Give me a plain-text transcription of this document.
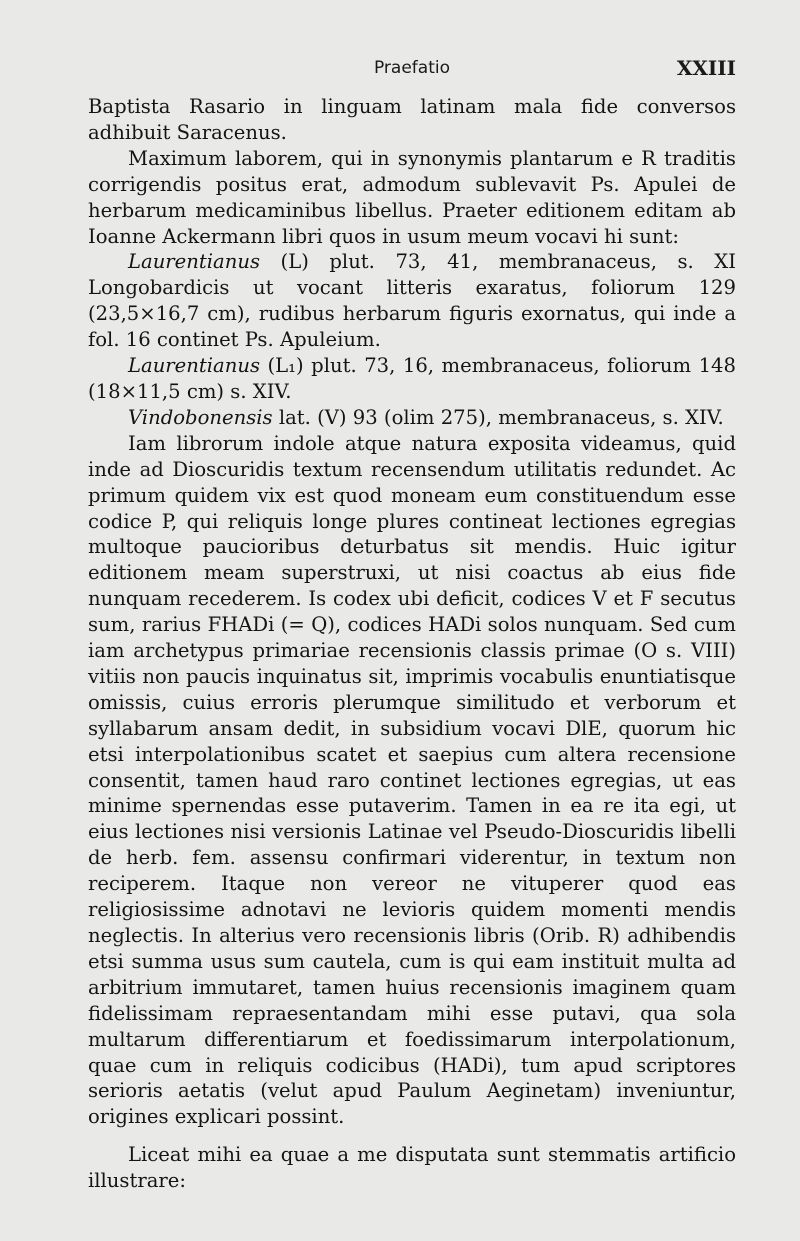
Praefatio	XXIII

Baptista Rasario in linguam latinam mala fide conversos adhibuit Saracenus.

Maximum laborem, qui in synonymis plantarum e R traditis corrigendis positus erat, admodum sublevavit Ps. Apulei de herbarum medicaminibus libellus. Praeter editionem editam ab Ioanne Ackermann libri quos in usum meum vocavi hi sunt:

Laurentianus (L) plut. 73, 41, membranaceus, s. XI Longobardicis ut vocant litteris exaratus, foliorum 129 (23,5×16,7 cm), rudibus herbarum figuris exornatus, qui inde a fol. 16 continet Ps. Apuleium.

Laurentianus (L₁) plut. 73, 16, membranaceus, foliorum 148 (18×11,5 cm) s. XIV.

Vindobonensis lat. (V) 93 (olim 275), membranaceus, s. XIV.

Iam librorum indole atque natura exposita videamus, quid inde ad Dioscuridis textum recensendum utilitatis redundet. Ac primum quidem vix est quod moneam eum constituendum esse codice P, qui reliquis longe plures contineat lectiones egregias multoque paucioribus deturbatus sit mendis. Huic igitur editionem meam superstruxi, ut nisi coactus ab eius fide nunquam recederem. Is codex ubi deficit, codices V et F secutus sum, rarius FHADi (= Q), codices HADi solos nunquam. Sed cum iam archetypus primariae recensionis classis primae (O s. VIII) vitiis non paucis inquinatus sit, imprimis vocabulis enuntiatisque omissis, cuius erroris plerumque similitudo et verborum et syllabarum ansam dedit, in subsidium vocavi DlE, quorum hic etsi interpolationibus scatet et saepius cum altera recensione consentit, tamen haud raro continet lectiones egregias, ut eas minime spernendas esse putaverim. Tamen in ea re ita egi, ut eius lectiones nisi versionis Latinae vel Pseudo-Dioscuridis libelli de herb. fem. assensu confirmari viderentur, in textum non reciperem. Itaque non vereor ne vituperer quod eas religiosissime adnotavi ne levioris quidem momenti mendis neglectis. In alterius vero recensionis libris (Orib. R) adhibendis etsi summa usus sum cautela, cum is qui eam instituit multa ad arbitrium immutaret, tamen huius recensionis imaginem quam fidelissimam repraesentandam mihi esse putavi, qua sola multarum differentiarum et foedissimarum interpolationum, quae cum in reliquis codicibus (HADi), tum apud scriptores serioris aetatis (velut apud Paulum Aeginetam) inveniuntur, origines explicari possint.

Liceat mihi ea quae a me disputata sunt stemmatis artificio illustrare:
